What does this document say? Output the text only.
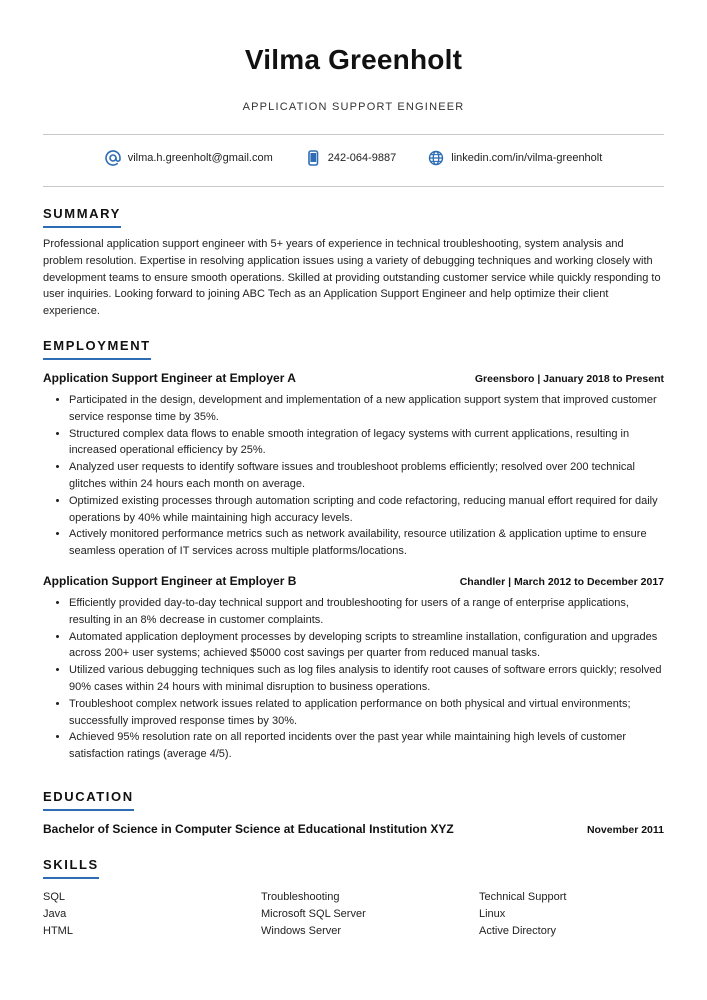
Vilma Greenholt
APPLICATION SUPPORT ENGINEER
vilma.h.greenholt@gmail.com	242-064-9887	linkedin.com/in/vilma-greenholt
SUMMARY
Professional application support engineer with 5+ years of experience in technical troubleshooting, system analysis and problem resolution. Expertise in resolving application issues using a variety of debugging techniques and working closely with development teams to ensure smooth operations. Skilled at providing outstanding customer service while quickly responding to user inquiries. Looking forward to joining ABC Tech as an Application Support Engineer and help optimize their client experience.
EMPLOYMENT
Application Support Engineer at Employer A	Greensboro | January 2018 to Present
• Participated in the design, development and implementation of a new application support system that improved customer service response time by 35%.
• Structured complex data flows to enable smooth integration of legacy systems with current applications, resulting in increased operational efficiency by 25%.
• Analyzed user requests to identify software issues and troubleshoot problems efficiently; resolved over 200 technical glitches within 24 hours each month on average.
• Optimized existing processes through automation scripting and code refactoring, reducing manual effort required for daily operations by 40% while maintaining high accuracy levels.
• Actively monitored performance metrics such as network availability, resource utilization & application uptime to ensure seamless operation of IT services across multiple platforms/locations.
Application Support Engineer at Employer B	Chandler | March 2012 to December 2017
• Efficiently provided day-to-day technical support and troubleshooting for users of a range of enterprise applications, resulting in an 8% decrease in customer complaints.
• Automated application deployment processes by developing scripts to streamline installation, configuration and upgrades across 200+ user systems; achieved $5000 cost savings per quarter from reduced manual tasks.
• Utilized various debugging techniques such as log files analysis to identify root causes of software errors quickly; resolved 90% cases within 24 hours with minimal disruption to business operations.
• Troubleshoot complex network issues related to application performance on both physical and virtual environments; successfully improved response times by 30%.
• Achieved 95% resolution rate on all reported incidents over the past year while maintaining high levels of customer satisfaction ratings (average 4/5).
EDUCATION
Bachelor of Science in Computer Science at Educational Institution XYZ	November 2011
SKILLS
SQL	Troubleshooting	Technical Support
Java	Microsoft SQL Server	Linux
HTML	Windows Server	Active Directory
